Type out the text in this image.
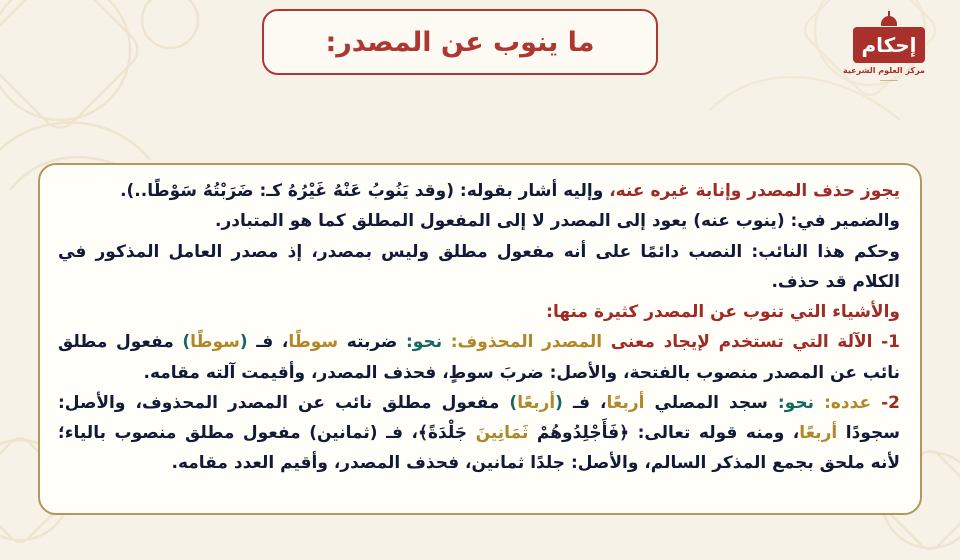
ما ينوب عن المصدر:	إحكام
مركز العلوم الشرعية
ــــــــــ

يجوز حذف المصدر وإنابة غيره عنه، وإليه أشار بقوله: (وقد يَنُوبُ عَنْهُ غَيْرُهُ كـ: ضَرَبْتُهُ سَوْطًا..).

والضمير في: (ينوب عنه) يعود إلى المصدر لا إلى المفعول المطلق كما هو المتبادر.

وحكم هذا النائب: النصب دائمًا على أنه مفعول مطلق وليس بمصدر، إذ مصدر العامل المذكور في الكلام قد حذف.

والأشياء التي تنوب عن المصدر كثيرة منها:

1- الآلة التي تستخدم لإيجاد معنى المصدر المحذوف: نحو: ضربته سوطًا، فـ (سوطًا) مفعول مطلق نائب عن المصدر منصوب بالفتحة، والأصل: ضربَ سوطٍ، فحذف المصدر، وأقيمت آلته مقامه.

2- عدده: نحو: سجد المصلي أربعًا، فـ (أربعًا) مفعول مطلق نائب عن المصدر المحذوف، والأصل: سجودًا أربعًا، ومنه قوله تعالى: ﴿فَأَجْلِدُوهُمْ ثَمَانِينَ جَلْدَةً﴾، فـ (ثمانين) مفعول مطلق منصوب بالياء؛ لأنه ملحق بجمع المذكر السالم، والأصل: جلدًا ثمانين، فحذف المصدر، وأقيم العدد مقامه.
